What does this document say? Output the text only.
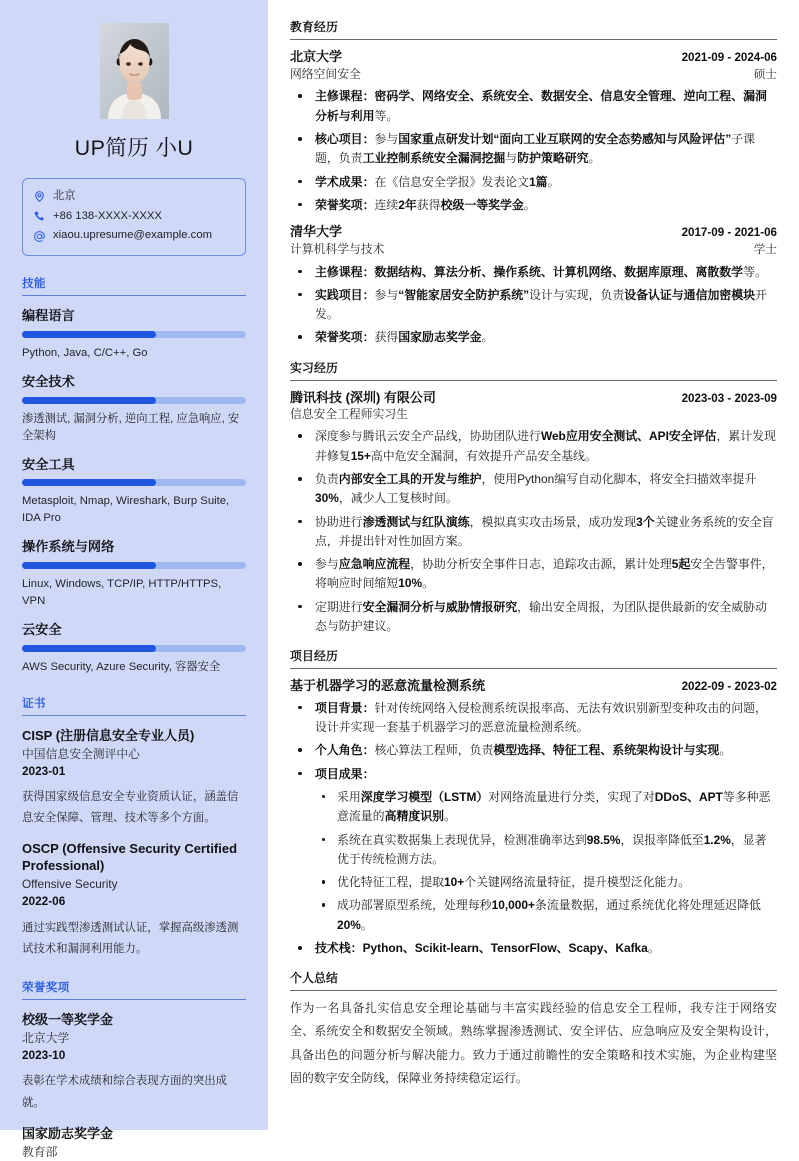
UP简历 小U
北京
+86 138-XXXX-XXXX
xiaou.upresume@example.com
技能
编程语言
Python, Java, C/C++, Go
安全技术
渗透测试, 漏洞分析, 逆向工程, 应急响应, 安全架构
安全工具
Metasploit, Nmap, Wireshark, Burp Suite, IDA Pro
操作系统与网络
Linux, Windows, TCP/IP, HTTP/HTTPS, VPN
云安全
AWS Security, Azure Security, 容器安全
证书
CISP (注册信息安全专业人员)
中国信息安全测评中心
2023-01
获得国家级信息安全专业资质认证，涵盖信息安全保障、管理、技术等多个方面。
OSCP (Offensive Security Certified Professional)
Offensive Security
2022-06
通过实践型渗透测试认证，掌握高级渗透测试技术和漏洞利用能力。
荣誉奖项
校级一等奖学金
北京大学
2023-10
表彰在学术成绩和综合表现方面的突出成就。
国家励志奖学金
教育部
教育经历
北京大学	2021-09 - 2024-06
网络空间安全	硕士
主修课程：密码学、网络安全、系统安全、数据安全、信息安全管理、逆向工程、漏洞分析与利用等。
核心项目：参与国家重点研发计划“面向工业互联网的安全态势感知与风险评估”子课题，负责工业控制系统安全漏洞挖掘与防护策略研究。
学术成果：在《信息安全学报》发表论文1篇。
荣誉奖项：连续2年获得校级一等奖学金。
清华大学	2017-09 - 2021-06
计算机科学与技术	学士
主修课程：数据结构、算法分析、操作系统、计算机网络、数据库原理、离散数学等。
实践项目：参与“智能家居安全防护系统”设计与实现，负责设备认证与通信加密模块开发。
荣誉奖项：获得国家励志奖学金。
实习经历
腾讯科技 (深圳) 有限公司	2023-03 - 2023-09
信息安全工程师实习生
深度参与腾讯云安全产品线，协助团队进行Web应用安全测试、API安全评估，累计发现并修复15+高中危安全漏洞，有效提升产品安全基线。
负责内部安全工具的开发与维护，使用Python编写自动化脚本，将安全扫描效率提升30%，减少人工复核时间。
协助进行渗透测试与红队演练，模拟真实攻击场景，成功发现3个关键业务系统的安全盲点，并提出针对性加固方案。
参与应急响应流程，协助分析安全事件日志，追踪攻击源，累计处理5起安全告警事件，将响应时间缩短10%。
定期进行安全漏洞分析与威胁情报研究，输出安全周报，为团队提供最新的安全威胁动态与防护建议。
项目经历
基于机器学习的恶意流量检测系统	2022-09 - 2023-02
项目背景：针对传统网络入侵检测系统误报率高、无法有效识别新型变种攻击的问题，设计并实现一套基于机器学习的恶意流量检测系统。
个人角色：核心算法工程师，负责模型选择、特征工程、系统架构设计与实现。
项目成果：
采用深度学习模型（LSTM）对网络流量进行分类，实现了对DDoS、APT等多种恶意流量的高精度识别。
系统在真实数据集上表现优异，检测准确率达到98.5%，误报率降低至1.2%，显著优于传统检测方法。
优化特征工程，提取10+个关键网络流量特征，提升模型泛化能力。
成功部署原型系统，处理每秒10,000+条流量数据，通过系统优化将处理延迟降低20%。
技术栈：Python、Scikit-learn、TensorFlow、Scapy、Kafka。
个人总结

作为一名具备扎实信息安全理论基础与丰富实践经验的信息安全工程师，我专注于网络安全、系统安全和数据安全领域。熟练掌握渗透测试、安全评估、应急响应及安全架构设计，具备出色的问题分析与解决能力。致力于通过前瞻性的安全策略和技术实施，为企业构建坚固的数字安全防线，保障业务持续稳定运行。
